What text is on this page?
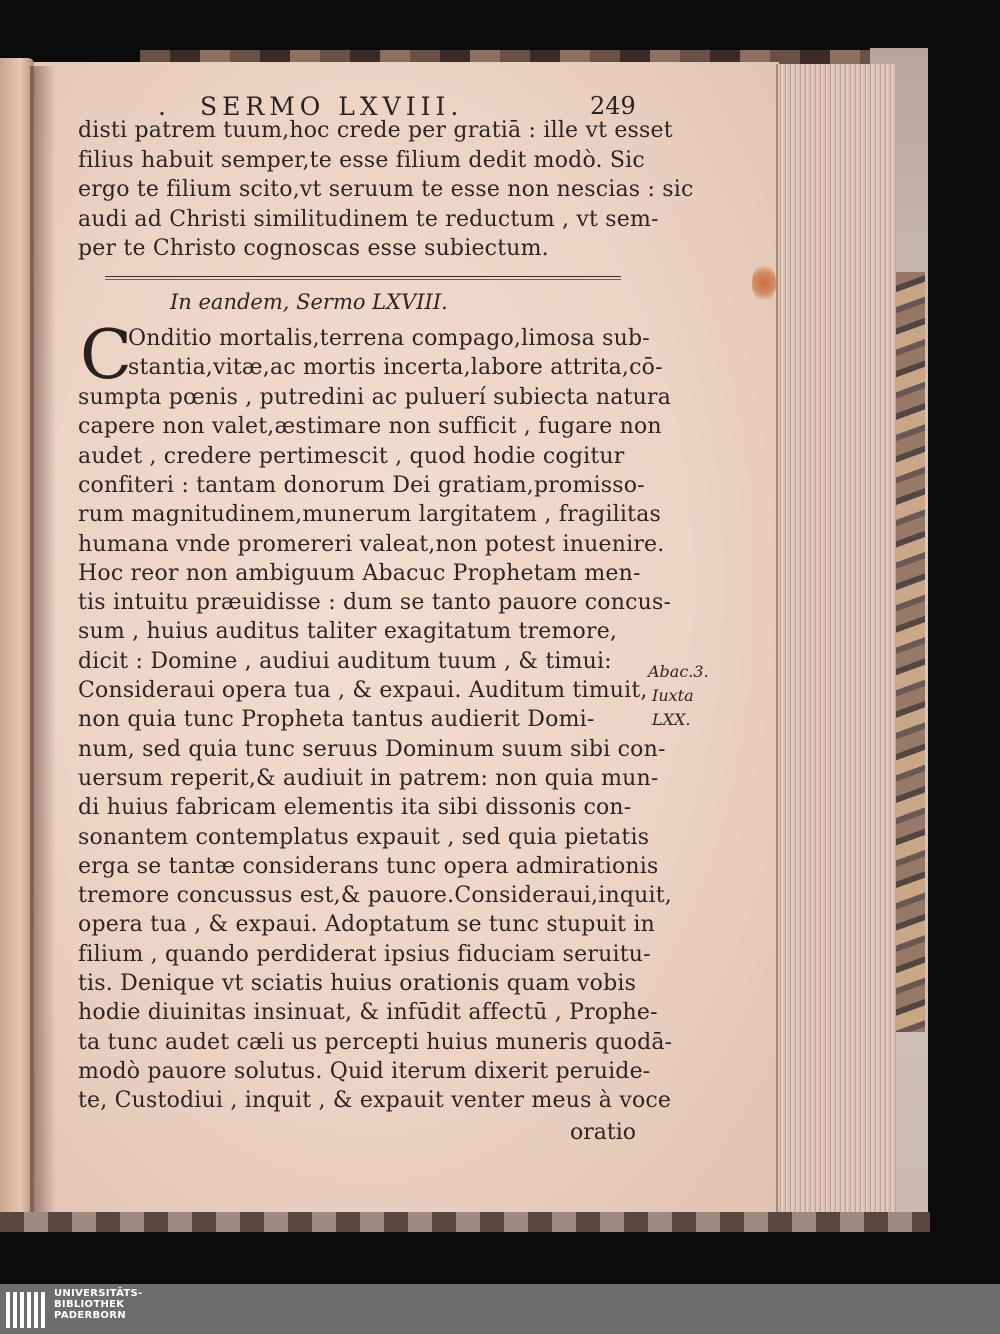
. SERMO LXVIII.	249
disti patrem tuum,hoc crede per gratiā : ille vt esset
filius habuit semper,te esse filium dedit modò. Sic
ergo te filium scito,vt seruum te esse non nescias : sic
audi ad Christi similitudinem te reductum , vt sem-
per te Christo cognoscas esse subiectum.
In eandem, Sermo LXVIII.
C
Onditio mortalis,terrena compago,limosa sub-
stantia,vitæ,ac mortis incerta,labore attrita,cō-
sumpta pœnis , putredini ac puluerí subiecta natura
capere non valet,æstimare non sufficit , fugare non
audet , credere pertimescit , quod hodie cogitur
confiteri : tantam donorum Dei gratiam,promisso-
rum magnitudinem,munerum largitatem , fragilitas
humana vnde promereri valeat,non potest inuenire.
Hoc reor non ambiguum Abacuc Prophetam men-
tis intuitu præuidisse : dum se tanto pauore concus-
sum , huius auditus taliter exagitatum tremore,
dicit : Domine , audiui auditum tuum , & timui:
Consideraui opera tua , & expaui. Auditum timuit,
non quia tunc Propheta tantus audierit Domi-
num, sed quia tunc seruus Dominum suum sibi con-
uersum reperit,& audiuit in patrem: non quia mun-
di huius fabricam elementis ita sibi dissonis con-
sonantem contemplatus expauit , sed quia pietatis
erga se tantæ considerans tunc opera admirationis
tremore concussus est,& pauore.Consideraui,inquit,
opera tua , & expaui. Adoptatum se tunc stupuit in
filium , quando perdiderat ipsius fiduciam seruitu-
tis. Denique vt sciatis huius orationis quam vobis
hodie diuinitas insinuat, & infūdit affectū , Prophe-
ta tunc audet cæli us percepti huius muneris quodā-
modò pauore solutus. Quid iterum dixerit peruide-
te, Custodiui , inquit , & expauit venter meus à voce
Abac.3.
Iuxta
LXX.
oratio
UNIVERSITÄTS-
BIBLIOTHEK
PADERBORN
